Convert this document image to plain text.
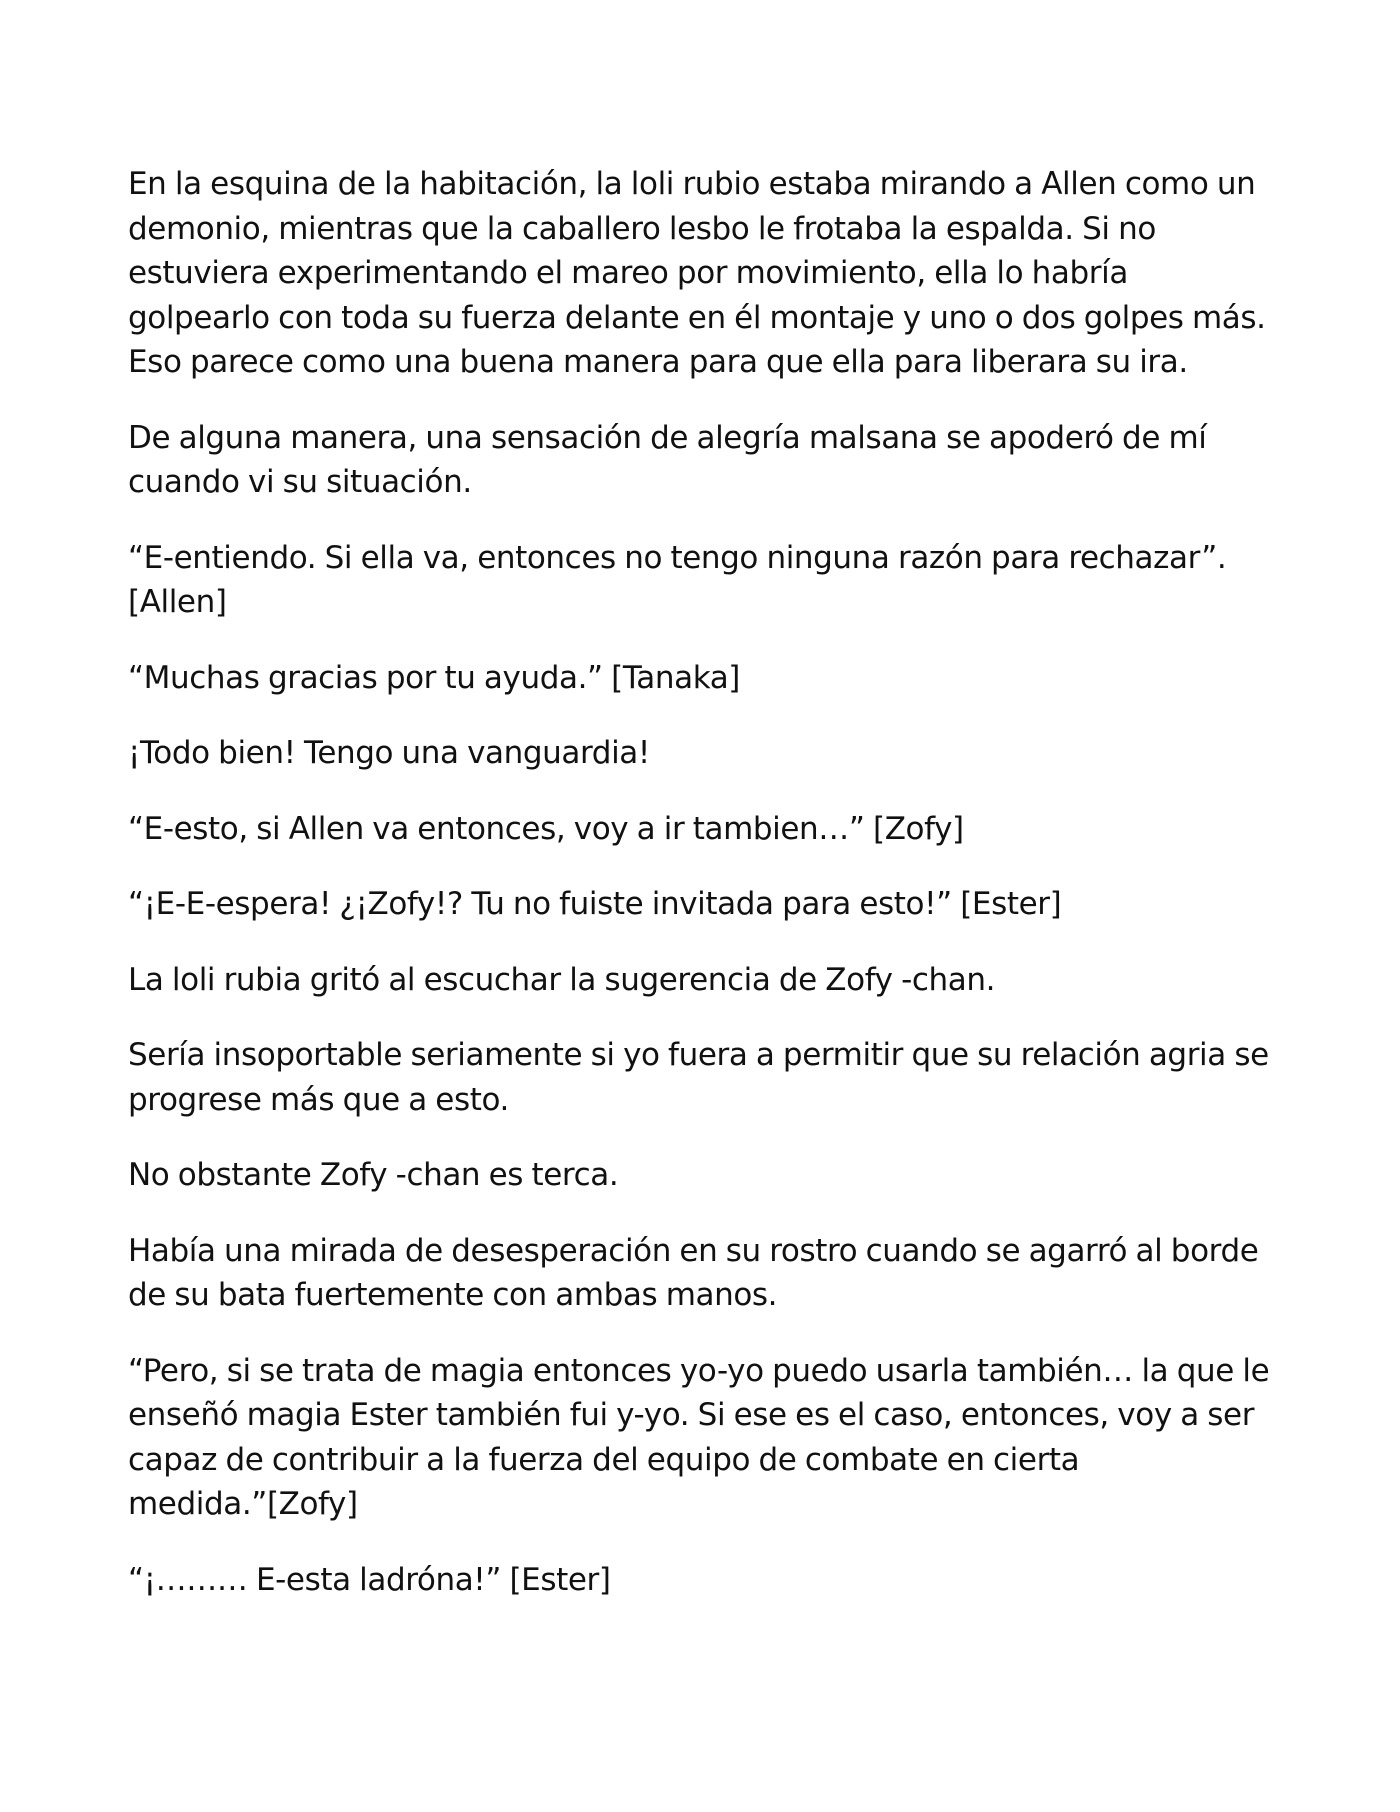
En la esquina de la habitación, la loli rubio estaba mirando a Allen como un demonio, mientras que la caballero lesbo le frotaba la espalda. Si no estuviera experimentando el mareo por movimiento, ella lo habría golpearlo con toda su fuerza delante en él montaje y uno o dos golpes más. Eso parece como una buena manera para que ella para liberara su ira.

De alguna manera, una sensación de alegría malsana se apoderó de mí cuando vi su situación.

“E-entiendo. Si ella va, entonces no tengo ninguna razón para rechazar”. [Allen]

“Muchas gracias por tu ayuda.” [Tanaka]

¡Todo bien! Tengo una vanguardia!

“E-esto, si Allen va entonces, voy a ir tambien…” [Zofy]

“¡E-E-espera! ¿¡Zofy!? Tu no fuiste invitada para esto!” [Ester]

La loli rubia gritó al escuchar la sugerencia de Zofy -chan.

Sería insoportable seriamente si yo fuera a permitir que su relación agria se progrese más que a esto.

No obstante Zofy -chan es terca.

Había una mirada de desesperación en su rostro cuando se agarró al borde de su bata fuertemente con ambas manos.

“Pero, si se trata de magia entonces yo-yo puedo usarla también… la que le enseñó magia Ester también fui y-yo. Si ese es el caso, entonces, voy a ser capaz de contribuir a la fuerza del equipo de combate en cierta medida.”[Zofy]

“¡……… E-esta ladróna!” [Ester]
